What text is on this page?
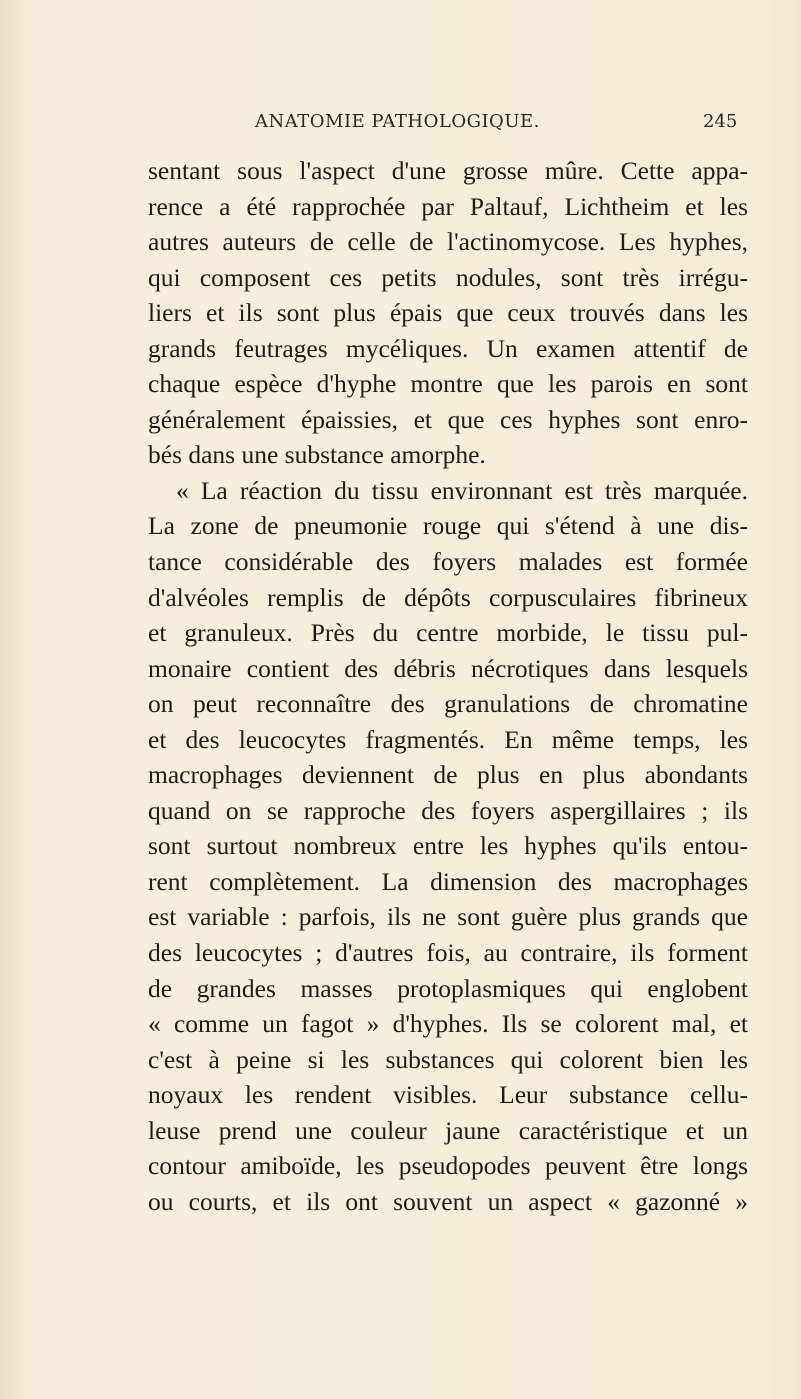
ANATOMIE PATHOLOGIQUE.	245
sentant sous l'aspect d'une grosse mûre. Cette appa-
rence a été rapprochée par Paltauf, Lichtheim et les
autres auteurs de celle de l'actinomycose. Les hyphes,
qui composent ces petits nodules, sont très irrégu-
liers et ils sont plus épais que ceux trouvés dans les
grands feutrages mycéliques. Un examen attentif de
chaque espèce d'hyphe montre que les parois en sont
généralement épaissies, et que ces hyphes sont enro-
bés dans une substance amorphe.
« La réaction du tissu environnant est très marquée.
La zone de pneumonie rouge qui s'étend à une dis-
tance considérable des foyers malades est formée
d'alvéoles remplis de dépôts corpusculaires fibrineux
et granuleux. Près du centre morbide, le tissu pul-
monaire contient des débris nécrotiques dans lesquels
on peut reconnaître des granulations de chromatine
et des leucocytes fragmentés. En même temps, les
macrophages deviennent de plus en plus abondants
quand on se rapproche des foyers aspergillaires ; ils
sont surtout nombreux entre les hyphes qu'ils entou-
rent complètement. La dimension des macrophages
est variable : parfois, ils ne sont guère plus grands que
des leucocytes ; d'autres fois, au contraire, ils forment
de grandes masses protoplasmiques qui englobent
« comme un fagot » d'hyphes. Ils se colorent mal, et
c'est à peine si les substances qui colorent bien les
noyaux les rendent visibles. Leur substance cellu-
leuse prend une couleur jaune caractéristique et un
contour amiboïde, les pseudopodes peuvent être longs
ou courts, et ils ont souvent un aspect « gazonné »
